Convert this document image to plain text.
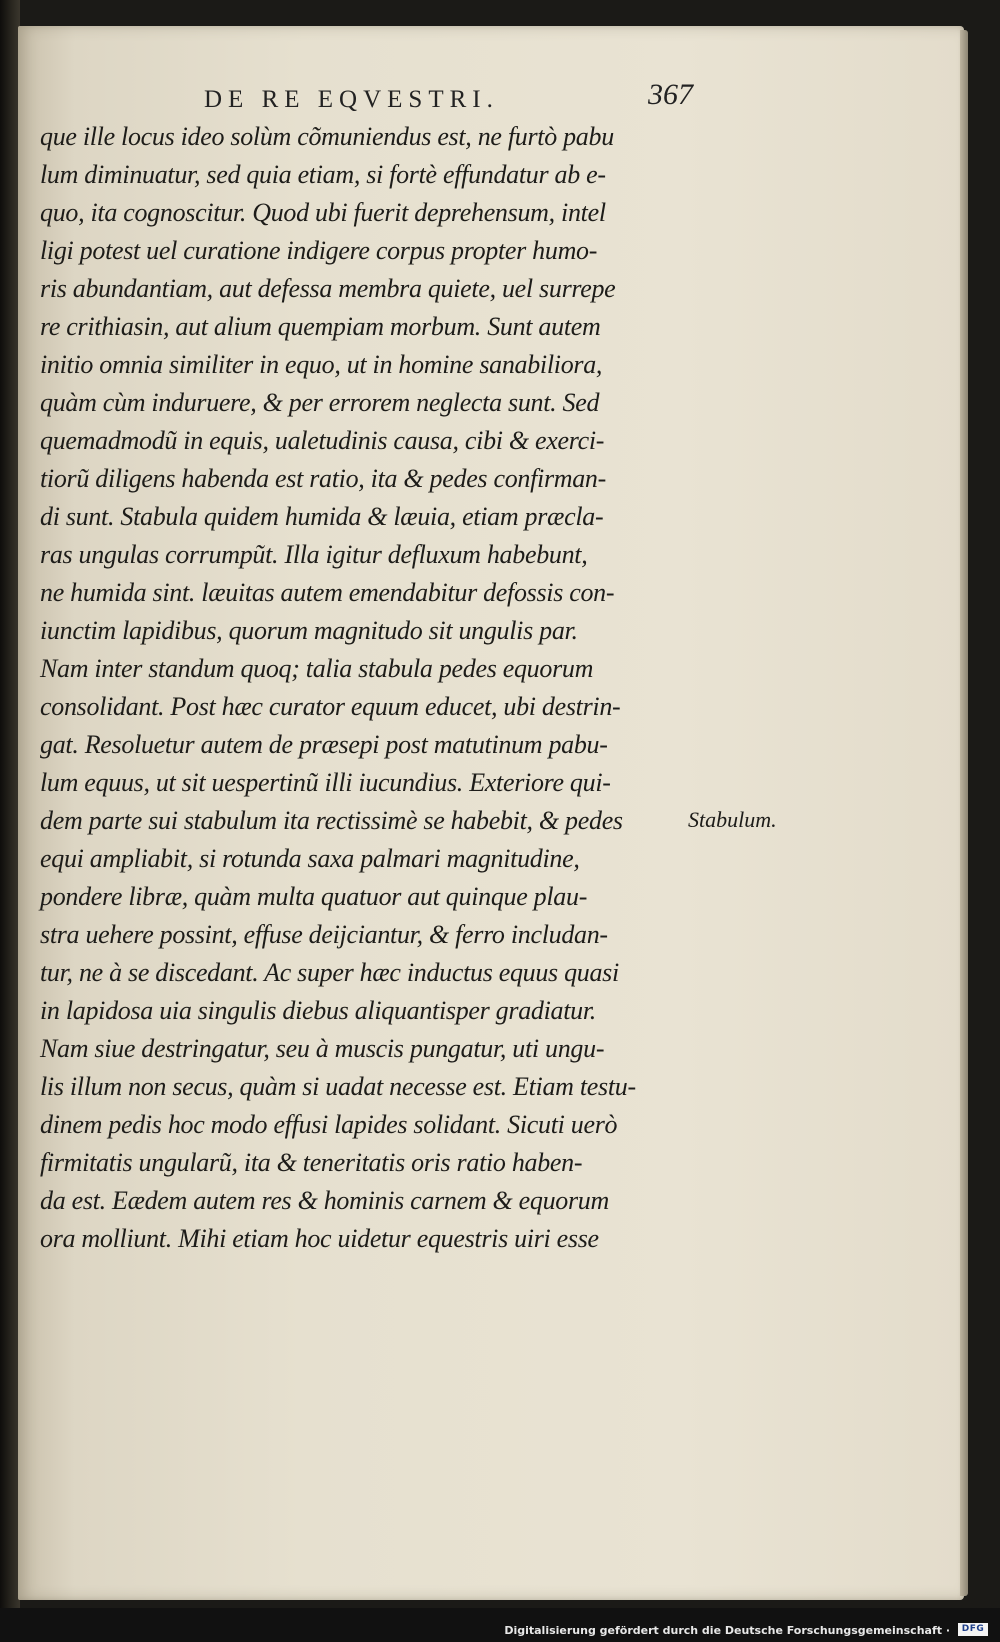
DE RE EQVESTRI.	367
que ille locus ideo solùm cõmuniendus est, ne furtò pabu
lum diminuatur, sed quia etiam, si fortè effundatur ab e-
quo, ita cognoscitur. Quod ubi fuerit deprehensum, intel
ligi potest uel curatione indigere corpus propter humo-
ris abundantiam, aut defessa membra quiete, uel surrepe
re crithiasin, aut alium quempiam morbum. Sunt autem
initio omnia similiter in equo, ut in homine sanabiliora,
quàm cùm induruere, & per errorem neglecta sunt. Sed
quemadmodũ in equis, ualetudinis causa, cibi & exerci-
tiorũ diligens habenda est ratio, ita & pedes confirman-
di sunt. Stabula quidem humida & læuia, etiam præcla-
ras ungulas corrumpũt. Illa igitur defluxum habebunt,
ne humida sint. læuitas autem emendabitur defossis con-
iunctim lapidibus, quorum magnitudo sit ungulis par.
Nam inter standum quoq; talia stabula pedes equorum
consolidant. Post hæc curator equum educet, ubi destrin-
gat. Resoluetur autem de præsepi post matutinum pabu-
lum equus, ut sit uespertinũ illi iucundius. Exteriore qui-
dem parte sui stabulum ita rectissimè se habebit, & pedes
equi ampliabit, si rotunda saxa palmari magnitudine,
pondere libræ, quàm multa quatuor aut quinque plau-
stra uehere possint, effuse deijciantur, & ferro includan-
tur, ne à se discedant. Ac super hæc inductus equus quasi
in lapidosa uia singulis diebus aliquantisper gradiatur.
Nam siue destringatur, seu à muscis pungatur, uti ungu-
lis illum non secus, quàm si uadat necesse est. Etiam testu-
dinem pedis hoc modo effusi lapides solidant. Sicuti uerò
firmitatis ungularũ, ita & teneritatis oris ratio haben-
da est. Eædem autem res & hominis carnem & equorum
ora molliunt. Mihi etiam hoc uidetur equestris uiri esse
Stabulum.
Digitalisierung gefördert durch die Deutsche Forschungsgemeinschaft ·	DFG
